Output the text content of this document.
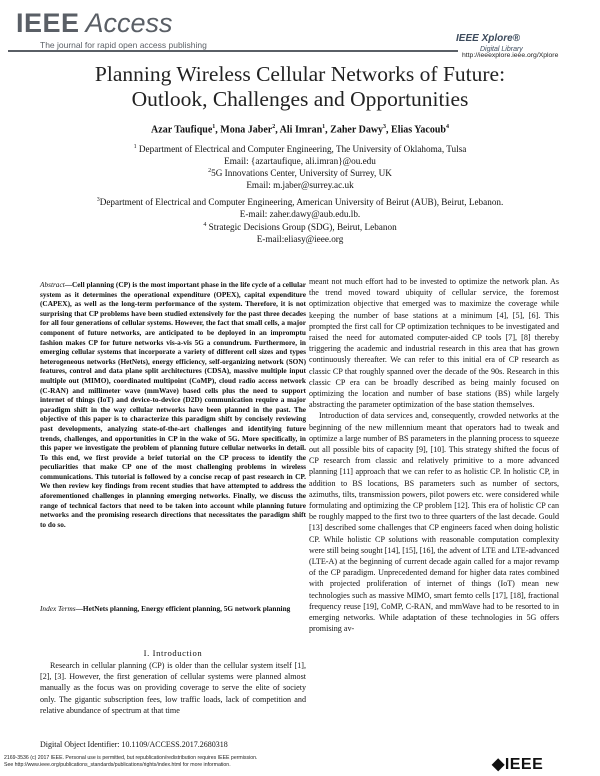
IEEE Access
The journal for rapid open access publishing
IEEE Xplore®
Digital Library
http://ieeexplore.ieee.org/Xplore
Planning Wireless Cellular Networks of Future:
Outlook, Challenges and Opportunities
Azar Taufique$^1$, Mona Jaber$^2$, Ali Imran$^1$, Zaher Dawy$^3$, Elias Yacoub$^4$
$^1$ Department of Electrical and Computer Engineering, The University of Oklahoma, Tulsa
Email: {azartaufique, ali.imran}@ou.edu
$^2$5G Innovations Center, University of Surrey, UK
Email: m.jaber@surrey.ac.uk
$^3$Department of Electrical and Computer Engineering, American University of Beirut (AUB), Beirut, Lebanon.
E-mail: zaher.dawy@aub.edu.lb.
$^4$ Strategic Decisions Group (SDG), Beirut, Lebanon
E-mail:eliasy@ieee.org
Abstract—Cell planning (CP) is the most important phase in the life cycle of a cellular system as it determines the operational expenditure (OPEX), capital expenditure (CAPEX), as well as the long-term performance of the system. Therefore, it is not surprising that CP problems have been studied extensively for the past three decades for all four generations of cellular systems. However, the fact that small cells, a major component of future networks, are anticipated to be deployed in an impromptu fashion makes CP for future networks vis-a-vis 5G a conundrum. Furthermore, in emerging cellular systems that incorporate a variety of different cell sizes and types heterogeneous networks (HetNets), energy efficiency, self-organizing network (SON) features, control and data plane split architectures (CDSA), massive multiple input multiple out (MIMO), coordinated multipoint (CoMP), cloud radio access network (C-RAN) and millimeter wave (mmWave) based cells plus the need to support internet of things (IoT) and device-to-device (D2D) communication require a major paradigm shift in the way cellular networks have been planned in the past. The objective of this paper is to characterize this paradigm shift by concisely reviewing past developments, analyzing state-of-the-art challenges and identifying future trends, challenges, and opportunities in CP in the wake of 5G. More specifically, in this paper we investigate the problem of planning future cellular networks in detail. To this end, we first provide a brief tutorial on the CP process to identify the peculiarities that make CP one of the most challenging problems in wireless communications. This tutorial is followed by a concise recap of past research in CP. We then review key findings from recent studies that have attempted to address the aforementioned challenges in planning emerging networks. Finally, we discuss the range of technical factors that need to be taken into account while planning future networks and the promising research directions that necessitates the paradigm shift to do so.
Index Terms—HetNets planning, Energy efficient planning, 5G network planning
I. Introduction
Research in cellular planning (CP) is older than the cellular system itself [1], [2], [3]. However, the first generation of cellular systems were planned almost manually as the focus was on providing coverage to serve the elite of society only. The gigantic subscription fees, low traffic loads, lack of competition and relative abundance of spectrum at that time

meant not much effort had to be invested to optimize the network plan. As the trend moved toward ubiquity of cellular service, the foremost optimization objective that emerged was to maximize the coverage while keeping the number of base stations at a minimum [4], [5], [6]. This prompted the first call for CP optimization techniques to be investigated and raised the need for automated computer-aided CP tools [7], [8] thereby triggering the academic and industrial research in this area that has grown continuously thereafter. We can refer to this initial era of CP research as classic CP that roughly spanned over the decade of the 90s. Research in this classic CP era can be broadly described as being mainly focused on optimizing the location and number of base stations (BS) while largely abstracting the parameter optimization of the base station themselves.

Introduction of data services and, consequently, crowded networks at the beginning of the new millennium meant that operators had to tweak and optimize a large number of BS parameters in the planning process to squeeze out all possible bits of capacity [9], [10]. This strategy shifted the focus of CP research from classic and relatively primitive to a more advanced planning [11] approach that we can refer to as holistic CP. In holistic CP, in addition to BS locations, BS parameters such as number of sectors, azimuths, tilts, transmission powers, pilot powers etc. were considered while formulating and optimizing the CP problem [12]. This era of holistic CP can be roughly mapped to the first two to three quarters of the last decade. Gould [13] described some challenges that CP engineers faced when doing holistic CP. While holistic CP solutions with reasonable computation complexity were still being sought [14], [15], [16], the advent of LTE and LTE-advanced (LTE-A) at the beginning of current decade again called for a major revamp of the CP paradigm. Unprecedented demand for higher data rates combined with projected proliferation of internet of things (IoT) mean new technologies such as massive MIMO, smart femto cells [17], [18], fractional frequency reuse [19], CoMP, C-RAN, and mmWave had to be resorted to in emerging networks. While adaptation of these technologies in 5G offers promising av-

Digital Object Identifier: 10.1109/ACCESS.2017.2680318
2169-3536 (c) 2017 IEEE. Personal use is permitted, but republication/redistribution requires IEEE permission.
See http://www.ieee.org/publications_standards/publications/rights/index.html for more information.	◆IEEE
